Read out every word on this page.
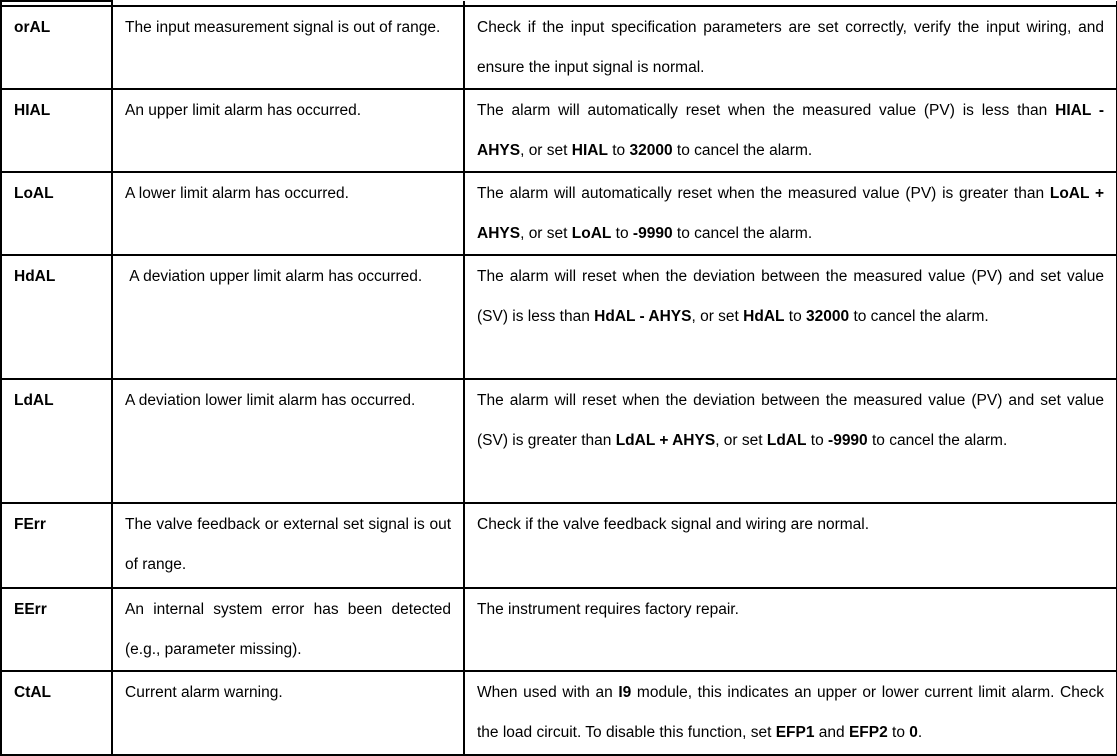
orAL	The input measurement signal is out of range.	Check if the input specification parameters are set correctly, verify the input wiring, and ensure the input signal is normal.

HIAL	An upper limit alarm has occurred.	The alarm will automatically reset when the measured value (PV) is less than HIAL - AHYS, or set HIAL to 32000 to cancel the alarm.

LoAL	A lower limit alarm has occurred.	The alarm will automatically reset when the measured value (PV) is greater than LoAL + AHYS, or set LoAL to -9990 to cancel the alarm.

HdAL	A deviation upper limit alarm has occurred.	The alarm will reset when the deviation between the measured value (PV) and set value (SV) is less than HdAL - AHYS, or set HdAL to 32000 to cancel the alarm.

LdAL	A deviation lower limit alarm has occurred.	The alarm will reset when the deviation between the measured value (PV) and set value (SV) is greater than LdAL + AHYS, or set LdAL to -9990 to cancel the alarm.

FErr	The valve feedback or external set signal is out of range.	Check if the valve feedback signal and wiring are normal.

EErr	An internal system error has been detected (e.g., parameter missing).	The instrument requires factory repair.

CtAL	Current alarm warning.	When used with an I9 module, this indicates an upper or lower current limit alarm. Check the load circuit. To disable this function, set EFP1 and EFP2 to 0.
